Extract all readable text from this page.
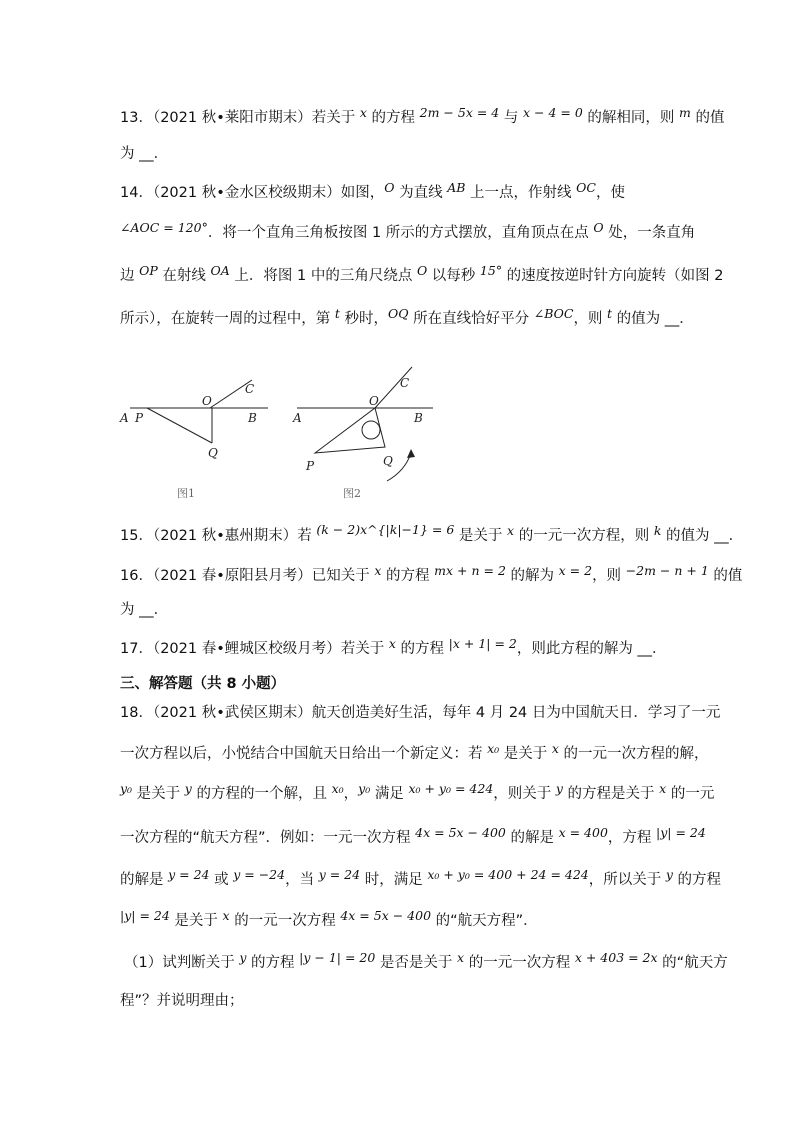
13．（2021 秋•莱阳市期末）若关于 x 的方程 2m − 5x = 4 与 x − 4 = 0 的解相同，则 m 的值
为 __．
14．（2021 秋•金水区校级期末）如图，O 为直线 AB 上一点，作射线 OC，使
∠AOC = 120°．将一个直角三角板按图 1 所示的方式摆放，直角顶点在点 O 处，一条直角
边 OP 在射线 OA 上．将图 1 中的三角尺绕点 O 以每秒 15° 的速度按逆时针方向旋转（如图 2
所示），在旋转一周的过程中，第 t 秒时，OQ 所在直线恰好平分 ∠BOC，则 t 的值为 __．
C
O
A P	B
Q
图1
C
O
A
P
B
Q
图2
15．（2021 秋•惠州期末）若 (k − 2)x^{|k|−1} = 6 是关于 x 的一元一次方程，则 k 的值为 __．
16．（2021 春•原阳县月考）已知关于 x 的方程 mx + n = 2 的解为 x = 2，则 −2m − n + 1 的值
为 __．
17．（2021 春•鲤城区校级月考）若关于 x 的方程 |x + 1| = 2，则此方程的解为 __．
三、解答题（共 8 小题）
18．（2021 秋•武侯区期末）航天创造美好生活，每年 4 月 24 日为中国航天日．学习了一元
一次方程以后，小悦结合中国航天日给出一个新定义：若 x₀ 是关于 x 的一元一次方程的解，
y₀ 是关于 y 的方程的一个解，且 x₀，y₀ 满足 x₀ + y₀ = 424，则关于 y 的方程是关于 x 的一元
一次方程的“航天方程”．例如：一元一次方程 4x = 5x − 400 的解是 x = 400，方程 |y| = 24
的解是 y = 24 或 y = −24，当 y = 24 时，满足 x₀ + y₀ = 400 + 24 = 424，所以关于 y 的方程
|y| = 24 是关于 x 的一元一次方程 4x = 5x − 400 的“航天方程”．
（1）试判断关于 y 的方程 |y − 1| = 20 是否是关于 x 的一元一次方程 x + 403 = 2x 的“航天方
程”？并说明理由；
